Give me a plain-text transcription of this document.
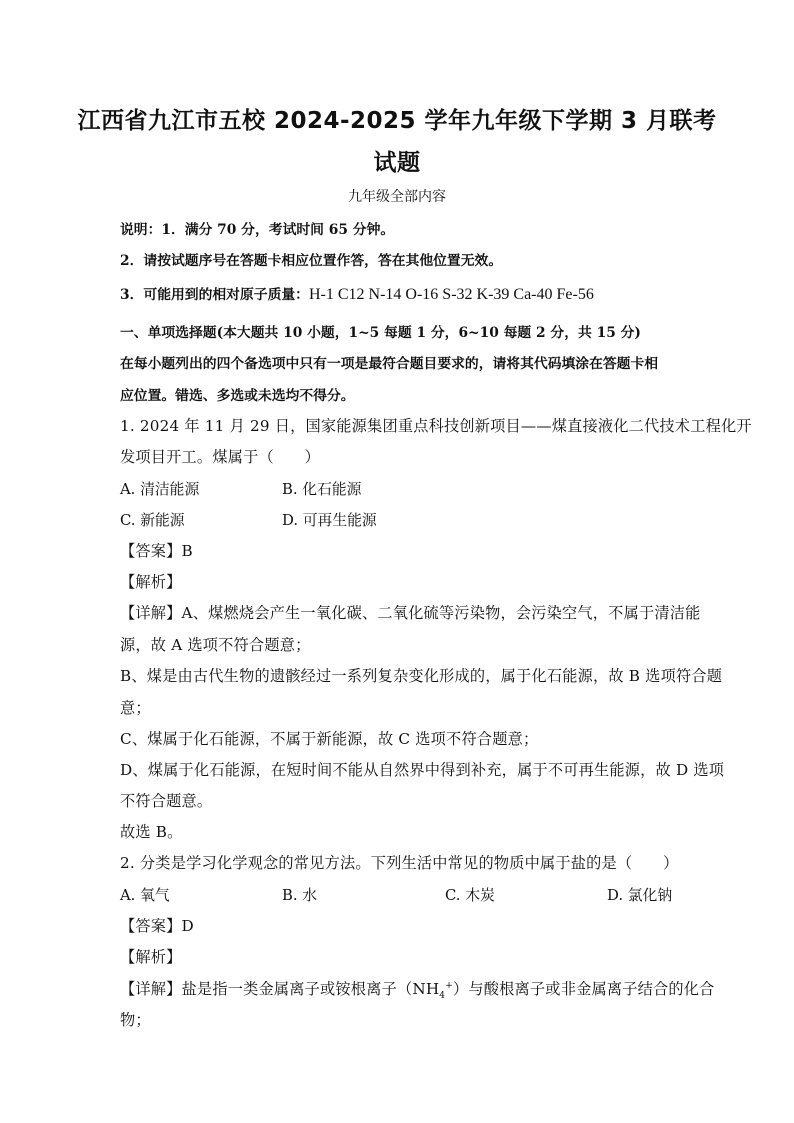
江西省九江市五校 2024-2025 学年九年级下学期 3 月联考
试题
九年级全部内容
说明：1．满分 70 分，考试时间 65 分钟。
2．请按试题序号在答题卡相应位置作答，答在其他位置无效。
3．可能用到的相对原子质量：H-1 C12 N-14 O-16 S-32 K-39 Ca-40 Fe-56
一、单项选择题(本大题共 10 小题，1~5 每题 1 分，6~10 每题 2 分，共 15 分)
在每小题列出的四个备选项中只有一项是最符合题目要求的，请将其代码填涂在答题卡相
应位置。错选、多选或未选均不得分。
1. 2024 年 11 月 29 日，国家能源集团重点科技创新项目——煤直接液化二代技术工程化开
发项目开工。煤属于（　　）
A. 清洁能源	B. 化石能源
C. 新能源	D. 可再生能源
【答案】B
【解析】
【详解】A、煤燃烧会产生一氧化碳、二氧化硫等污染物，会污染空气，不属于清洁能
源，故 A 选项不符合题意；
B、煤是由古代生物的遗骸经过一系列复杂变化形成的，属于化石能源，故 B 选项符合题
意；
C、煤属于化石能源，不属于新能源，故 C 选项不符合题意；
D、煤属于化石能源，在短时间不能从自然界中得到补充，属于不可再生能源，故 D 选项
不符合题意。
故选 B。
2. 分类是学习化学观念的常见方法。下列生活中常见的物质中属于盐的是（　　）
A. 氧气	B. 水	C. 木炭	D. 氯化钠
【答案】D
【解析】
【详解】盐是指一类金属离子或铵根离子$(NH_4^+)$与酸根离子或非金属离子结合的化合
物；
